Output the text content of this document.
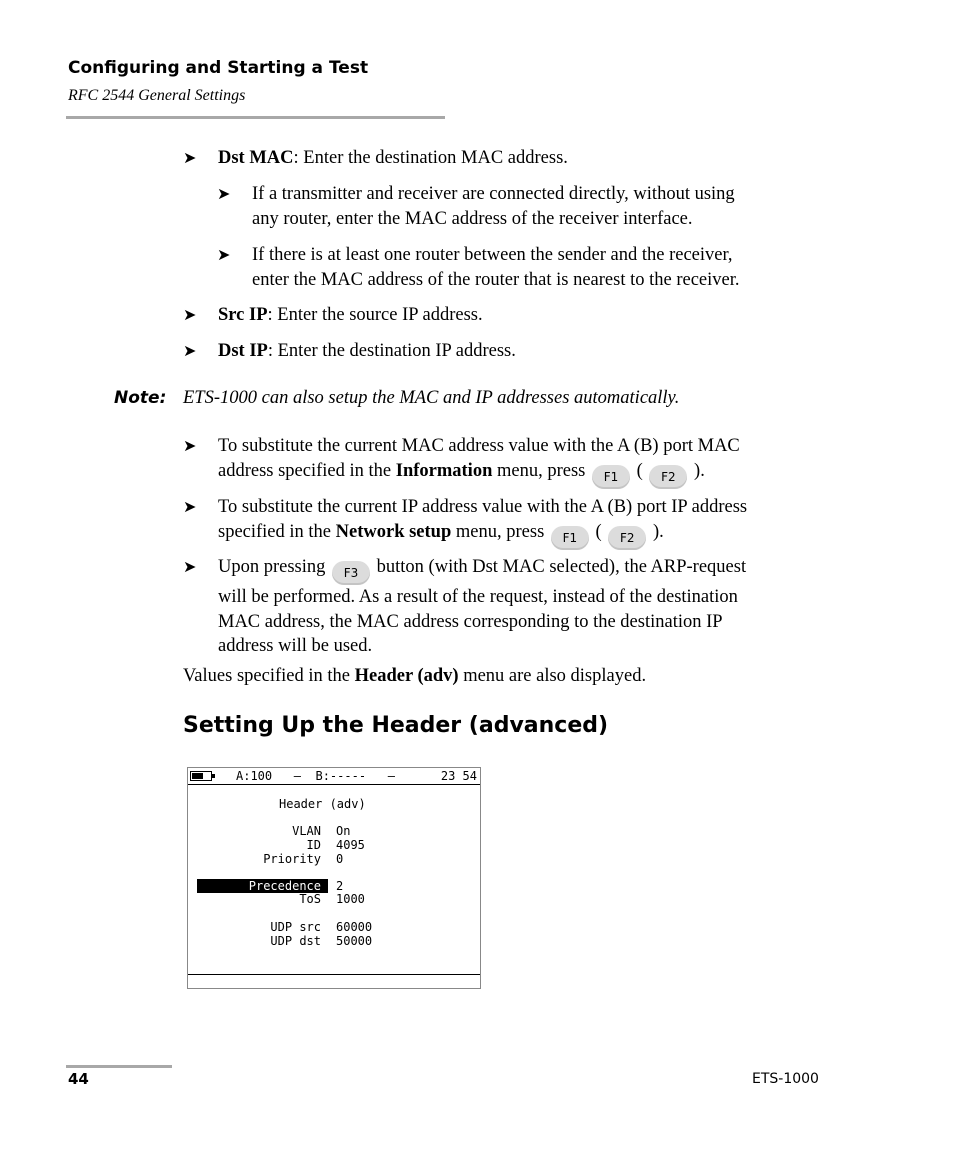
Configuring and Starting a Test
RFC 2544 General Settings
➤ Dst MAC: Enter the destination MAC address.
➤ If a transmitter and receiver are connected directly, without using
any router, enter the MAC address of the receiver interface.
➤ If there is at least one router between the sender and the receiver,
enter the MAC address of the router that is nearest to the receiver.
➤ Src IP: Enter the source IP address.
➤ Dst IP: Enter the destination IP address.
Note: ETS-1000 can also setup the MAC and IP addresses automatically.
➤ To substitute the current MAC address value with the A (B) port MAC
address specified in the Information menu, press F1 ( F2 ).
➤ To substitute the current IP address value with the A (B) port IP address
specified in the Network setup menu, press F1 ( F2 ).
➤ Upon pressing F3 button (with Dst MAC selected), the ARP-request
will be performed. As a result of the request, instead of the destination
MAC address, the MAC address corresponding to the destination IP
address will be used.
Values specified in the Header (adv) menu are also displayed.
Setting Up the Header (advanced)
A:100   –  B:-----   –	23 54
Header (adv)
VLAN On
ID 4095
Priority 0
Precedence 2
ToS 1000
UDP src 60000
UDP dst 50000
44	ETS-1000
